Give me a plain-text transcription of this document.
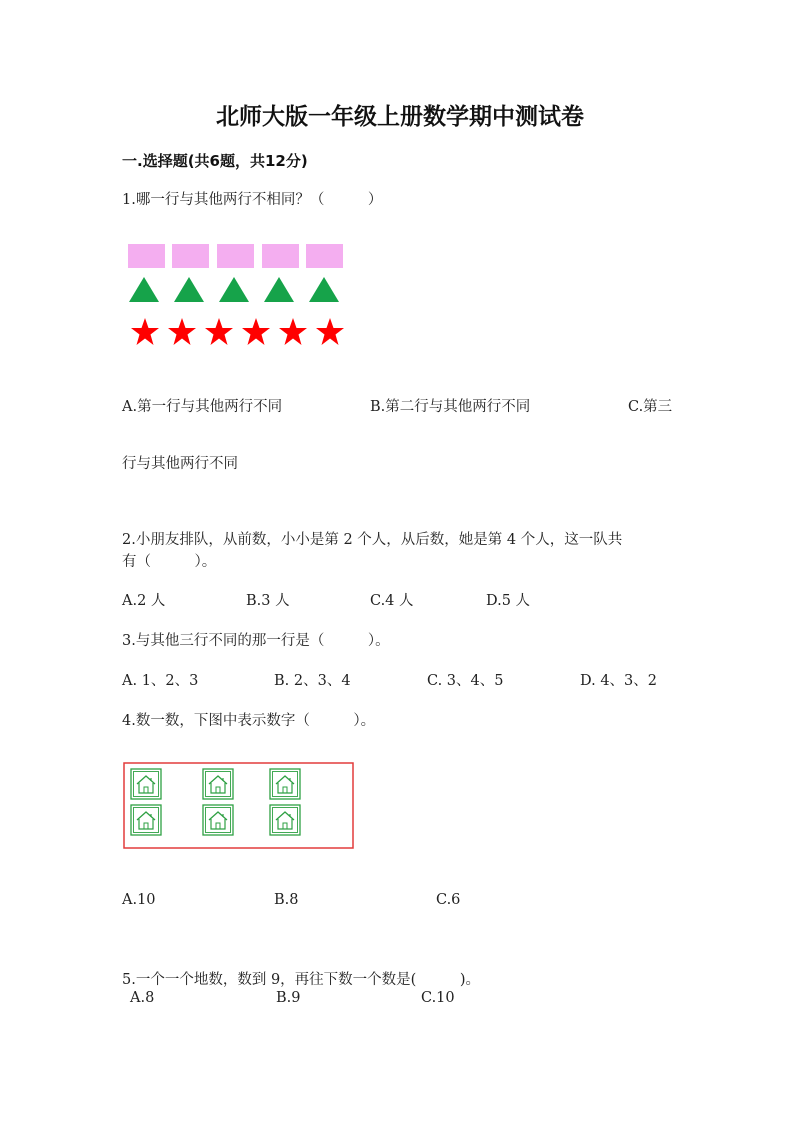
北师大版一年级上册数学期中测试卷
一.选择题(共6题，共12分)
1.哪一行与其他两行不相同？（　　　）
A.第一行与其他两行不同	B.第二行与其他两行不同	C.第三
行与其他两行不同
2.小朋友排队，从前数，小小是第 2 个人，从后数，她是第 4 个人，这一队共
有（　　　）。
A.2 人	B.3 人	C.4 人	D.5 人
3.与其他三行不同的那一行是（　　　）。
A. 1、2、3	B. 2、3、4	C. 3、4、5	D. 4、3、2
4.数一数，下图中表示数字（　　　）。
A.10	B.8	C.6
5.一个一个地数，数到 9，再往下数一个数是(　　　)。
A.8	B.9	C.10
